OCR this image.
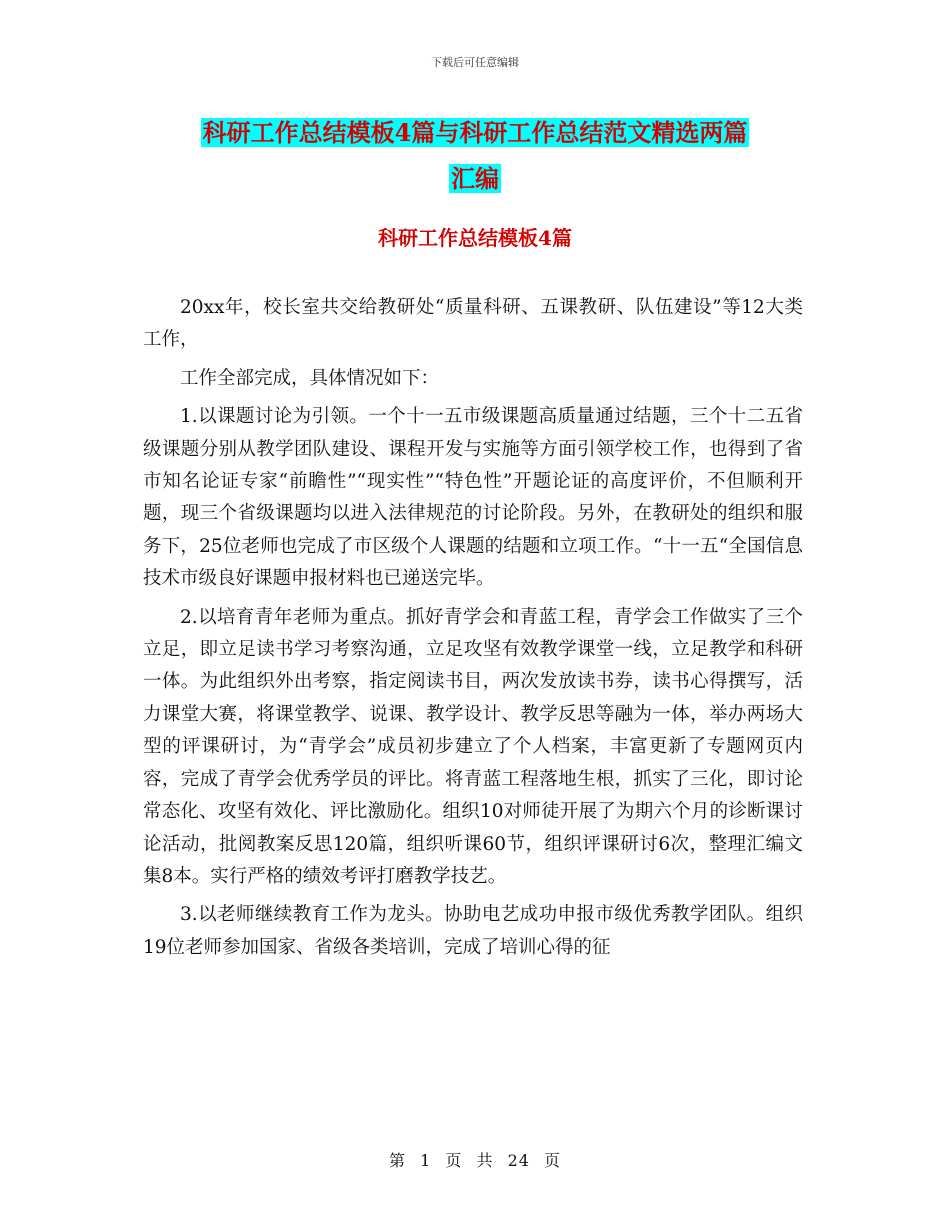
下载后可任意编辑
科研工作总结模板4篇与科研工作总结范文精选两篇
汇编
科研工作总结模板4篇

20xx年，校长室共交给教研处“质量科研、五课教研、队伍建设”等12大类工作，

工作全部完成，具体情况如下：

1.以课题讨论为引领。一个十一五市级课题高质量通过结题，三个十二五省级课题分别从教学团队建设、课程开发与实施等方面引领学校工作，也得到了省市知名论证专家“前瞻性”“现实性”“特色性”开题论证的高度评价，不但顺利开题，现三个省级课题均以进入法律规范的讨论阶段。另外，在教研处的组织和服务下，25位老师也完成了市区级个人课题的结题和立项工作。“十一五“全国信息技术市级良好课题申报材料也已递送完毕。

2.以培育青年老师为重点。抓好青学会和青蓝工程，青学会工作做实了三个立足，即立足读书学习考察沟通，立足攻坚有效教学课堂一线，立足教学和科研一体。为此组织外出考察，指定阅读书目，两次发放读书券，读书心得撰写，活力课堂大赛，将课堂教学、说课、教学设计、教学反思等融为一体，举办两场大型的评课研讨，为“青学会”成员初步建立了个人档案，丰富更新了专题网页内容，完成了青学会优秀学员的评比。将青蓝工程落地生根，抓实了三化，即讨论常态化、攻坚有效化、评比激励化。组织10对师徒开展了为期六个月的诊断课讨论活动，批阅教案反思120篇，组织听课60节，组织评课研讨6次，整理汇编文集8本。实行严格的绩效考评打磨教学技艺。

3.以老师继续教育工作为龙头。协助电艺成功申报市级优秀教学团队。组织19位老师参加国家、省级各类培训，完成了培训心得的征

第 1 页 共 24 页
